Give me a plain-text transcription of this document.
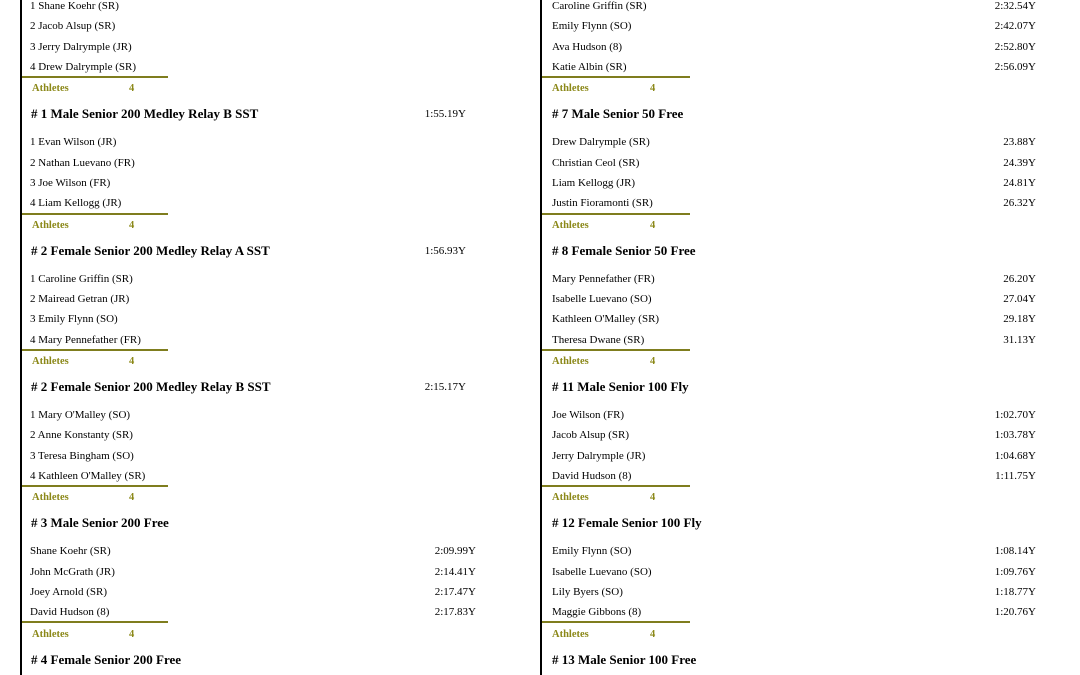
1 Shane Koehr (SR)
2 Jacob Alsup (SR)
3 Jerry Dalrymple (JR)
4 Drew Dalrymple (SR)
Athletes	4
# 1 Male Senior 200 Medley Relay B SST	1:55.19Y
1 Evan Wilson (JR)
2 Nathan Luevano (FR)
3 Joe Wilson (FR)
4 Liam Kellogg (JR)
Athletes	4
# 2 Female Senior 200 Medley Relay A SST	1:56.93Y
1 Caroline Griffin (SR)
2 Mairead Getran (JR)
3 Emily Flynn (SO)
4 Mary Pennefather (FR)
Athletes	4
# 2 Female Senior 200 Medley Relay B SST	2:15.17Y
1 Mary O'Malley (SO)
2 Anne Konstanty (SR)
3 Teresa Bingham (SO)
4 Kathleen O'Malley (SR)
Athletes	4
# 3 Male Senior 200 Free
Shane Koehr (SR)	2:09.99Y
John McGrath (JR)	2:14.41Y
Joey Arnold (SR)	2:17.47Y
David Hudson (8)	2:17.83Y
Athletes	4
# 4 Female Senior 200 Free
Caroline Griffin (SR)	2:32.54Y
Emily Flynn (SO)	2:42.07Y
Ava Hudson (8)	2:52.80Y
Katie Albin (SR)	2:56.09Y
Athletes	4
# 7 Male Senior 50 Free
Drew Dalrymple (SR)	23.88Y
Christian Ceol (SR)	24.39Y
Liam Kellogg (JR)	24.81Y
Justin Fioramonti (SR)	26.32Y
Athletes	4
# 8 Female Senior 50 Free
Mary Pennefather (FR)	26.20Y
Isabelle Luevano (SO)	27.04Y
Kathleen O'Malley (SR)	29.18Y
Theresa Dwane (SR)	31.13Y
Athletes	4
# 11 Male Senior 100 Fly
Joe Wilson (FR)	1:02.70Y
Jacob Alsup (SR)	1:03.78Y
Jerry Dalrymple (JR)	1:04.68Y
David Hudson (8)	1:11.75Y
Athletes	4
# 12 Female Senior 100 Fly
Emily Flynn (SO)	1:08.14Y
Isabelle Luevano (SO)	1:09.76Y
Lily Byers (SO)	1:18.77Y
Maggie Gibbons (8)	1:20.76Y
Athletes	4
# 13 Male Senior 100 Free
